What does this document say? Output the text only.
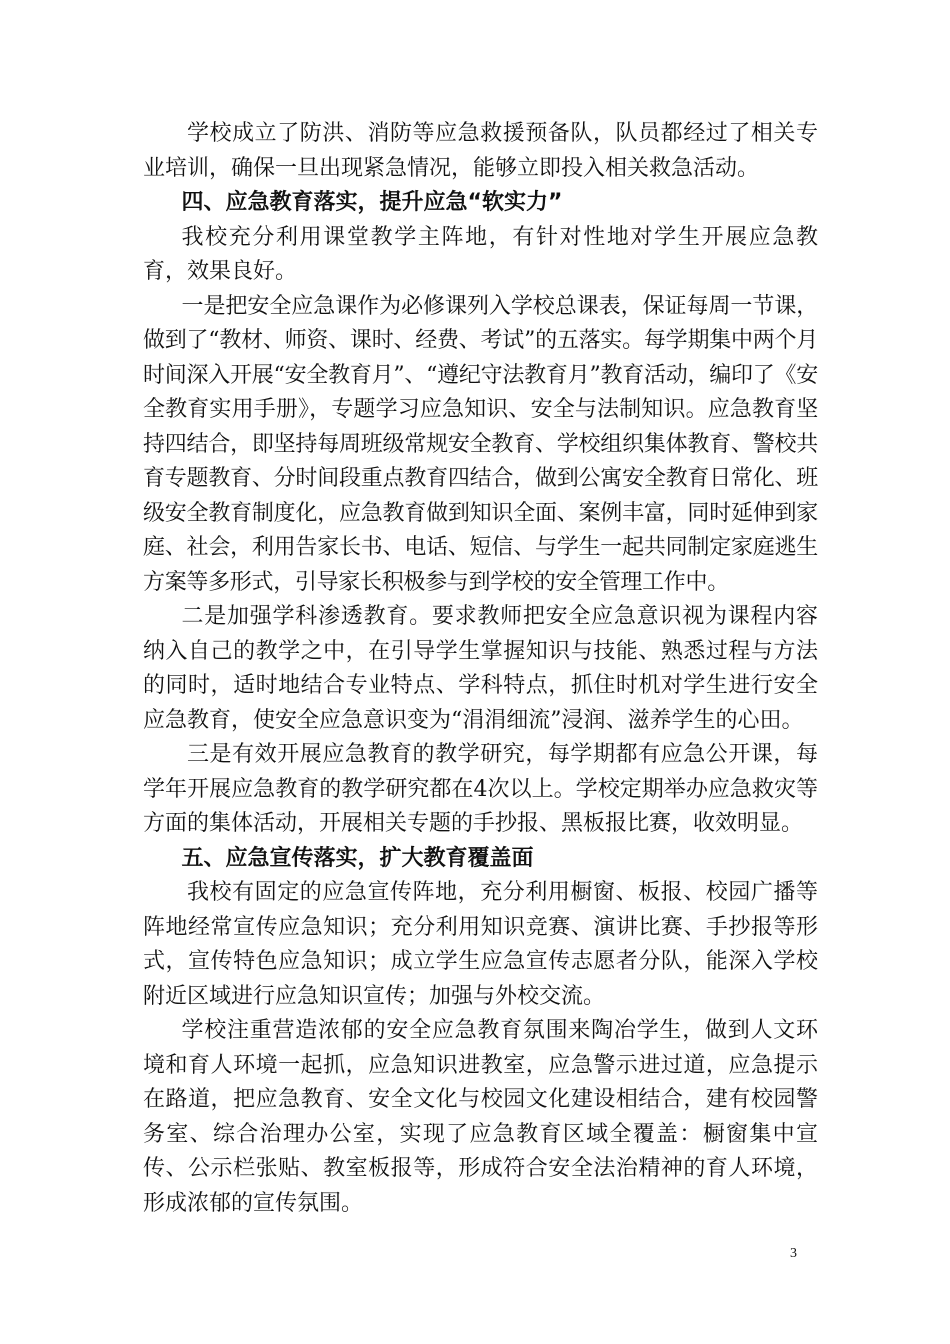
学校成立了防洪、消防等应急救援预备队，队员都经过了相关专业培训，确保一旦出现紧急情况，能够立即投入相关救急活动。

四、应急教育落实，提升应急“软实力”

我校充分利用课堂教学主阵地，有针对性地对学生开展应急教育，效果良好。

一是把安全应急课作为必修课列入学校总课表，保证每周一节课，做到了“教材、师资、课时、经费、考试”的五落实。每学期集中两个月时间深入开展“安全教育月”、“遵纪守法教育月”教育活动，编印了《安全教育实用手册》，专题学习应急知识、安全与法制知识。应急教育坚持四结合，即坚持每周班级常规安全教育、学校组织集体教育、警校共育专题教育、分时间段重点教育四结合，做到公寓安全教育日常化、班级安全教育制度化，应急教育做到知识全面、案例丰富，同时延伸到家庭、社会，利用告家长书、电话、短信、与学生一起共同制定家庭逃生方案等多形式，引导家长积极参与到学校的安全管理工作中。

二是加强学科渗透教育。要求教师把安全应急意识视为课程内容纳入自己的教学之中，在引导学生掌握知识与技能、熟悉过程与方法的同时，适时地结合专业特点、学科特点，抓住时机对学生进行安全应急教育，使安全应急意识变为“涓涓细流”浸润、滋养学生的心田。

三是有效开展应急教育的教学研究，每学期都有应急公开课，每学年开展应急教育的教学研究都在4次以上。学校定期举办应急救灾等方面的集体活动，开展相关专题的手抄报、黑板报比赛，收效明显。

五、应急宣传落实，扩大教育覆盖面

我校有固定的应急宣传阵地，充分利用橱窗、板报、校园广播等阵地经常宣传应急知识；充分利用知识竞赛、演讲比赛、手抄报等形式，宣传特色应急知识；成立学生应急宣传志愿者分队，能深入学校附近区域进行应急知识宣传；加强与外校交流。

学校注重营造浓郁的安全应急教育氛围来陶冶学生，做到人文环境和育人环境一起抓，应急知识进教室，应急警示进过道，应急提示在路道，把应急教育、安全文化与校园文化建设相结合，建有校园警务室、综合治理办公室，实现了应急教育区域全覆盖：橱窗集中宣传、公示栏张贴、教室板报等，形成符合安全法治精神的育人环境，形成浓郁的宣传氛围。

3
